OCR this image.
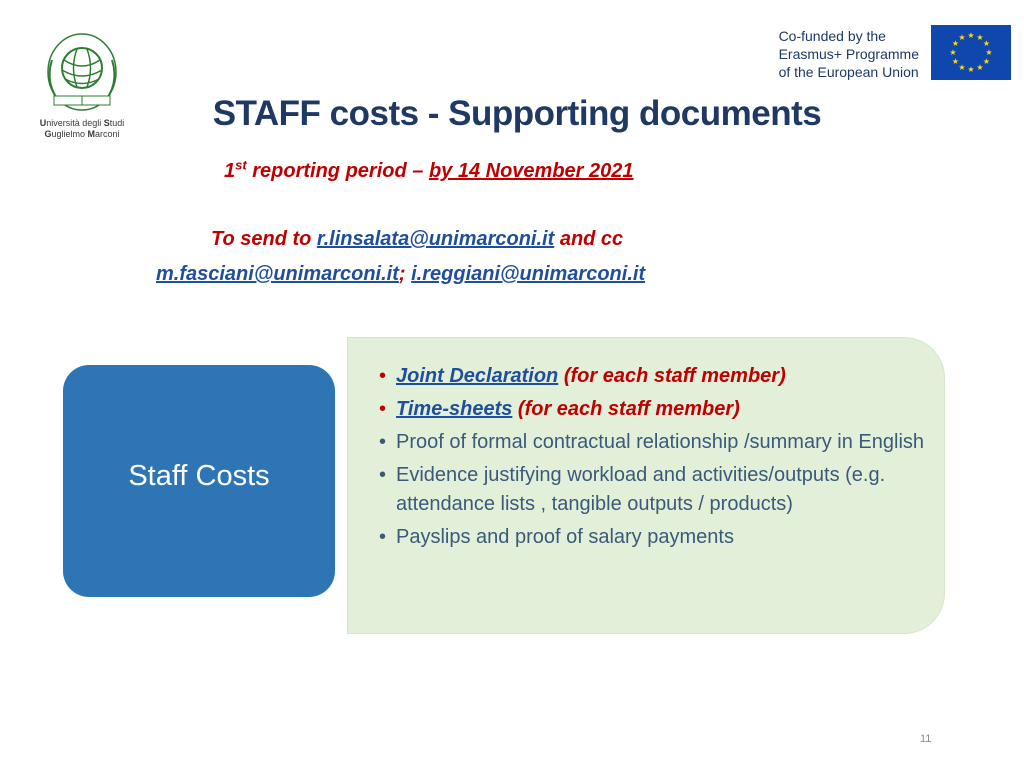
Università degli Studi
Guglielmo Marconi
Co-funded by the
Erasmus+ Programme
of the European Union
★ ★
★
★
★
★
★
★
★
★
★
★
STAFF costs - Supporting documents
1st reporting period – by 14 November 2021
To send to r.linsalata@unimarconi.it and cc
m.fasciani@unimarconi.it; i.reggiani@unimarconi.it
Staff Costs
• Joint Declaration (for each staff member)
• Time-sheets (for each staff member)
• Proof of formal contractual relationship /summary in English
• Evidence justifying workload and activities/outputs (e.g. attendance lists , tangible outputs / products)
• Payslips and proof of salary payments
11
